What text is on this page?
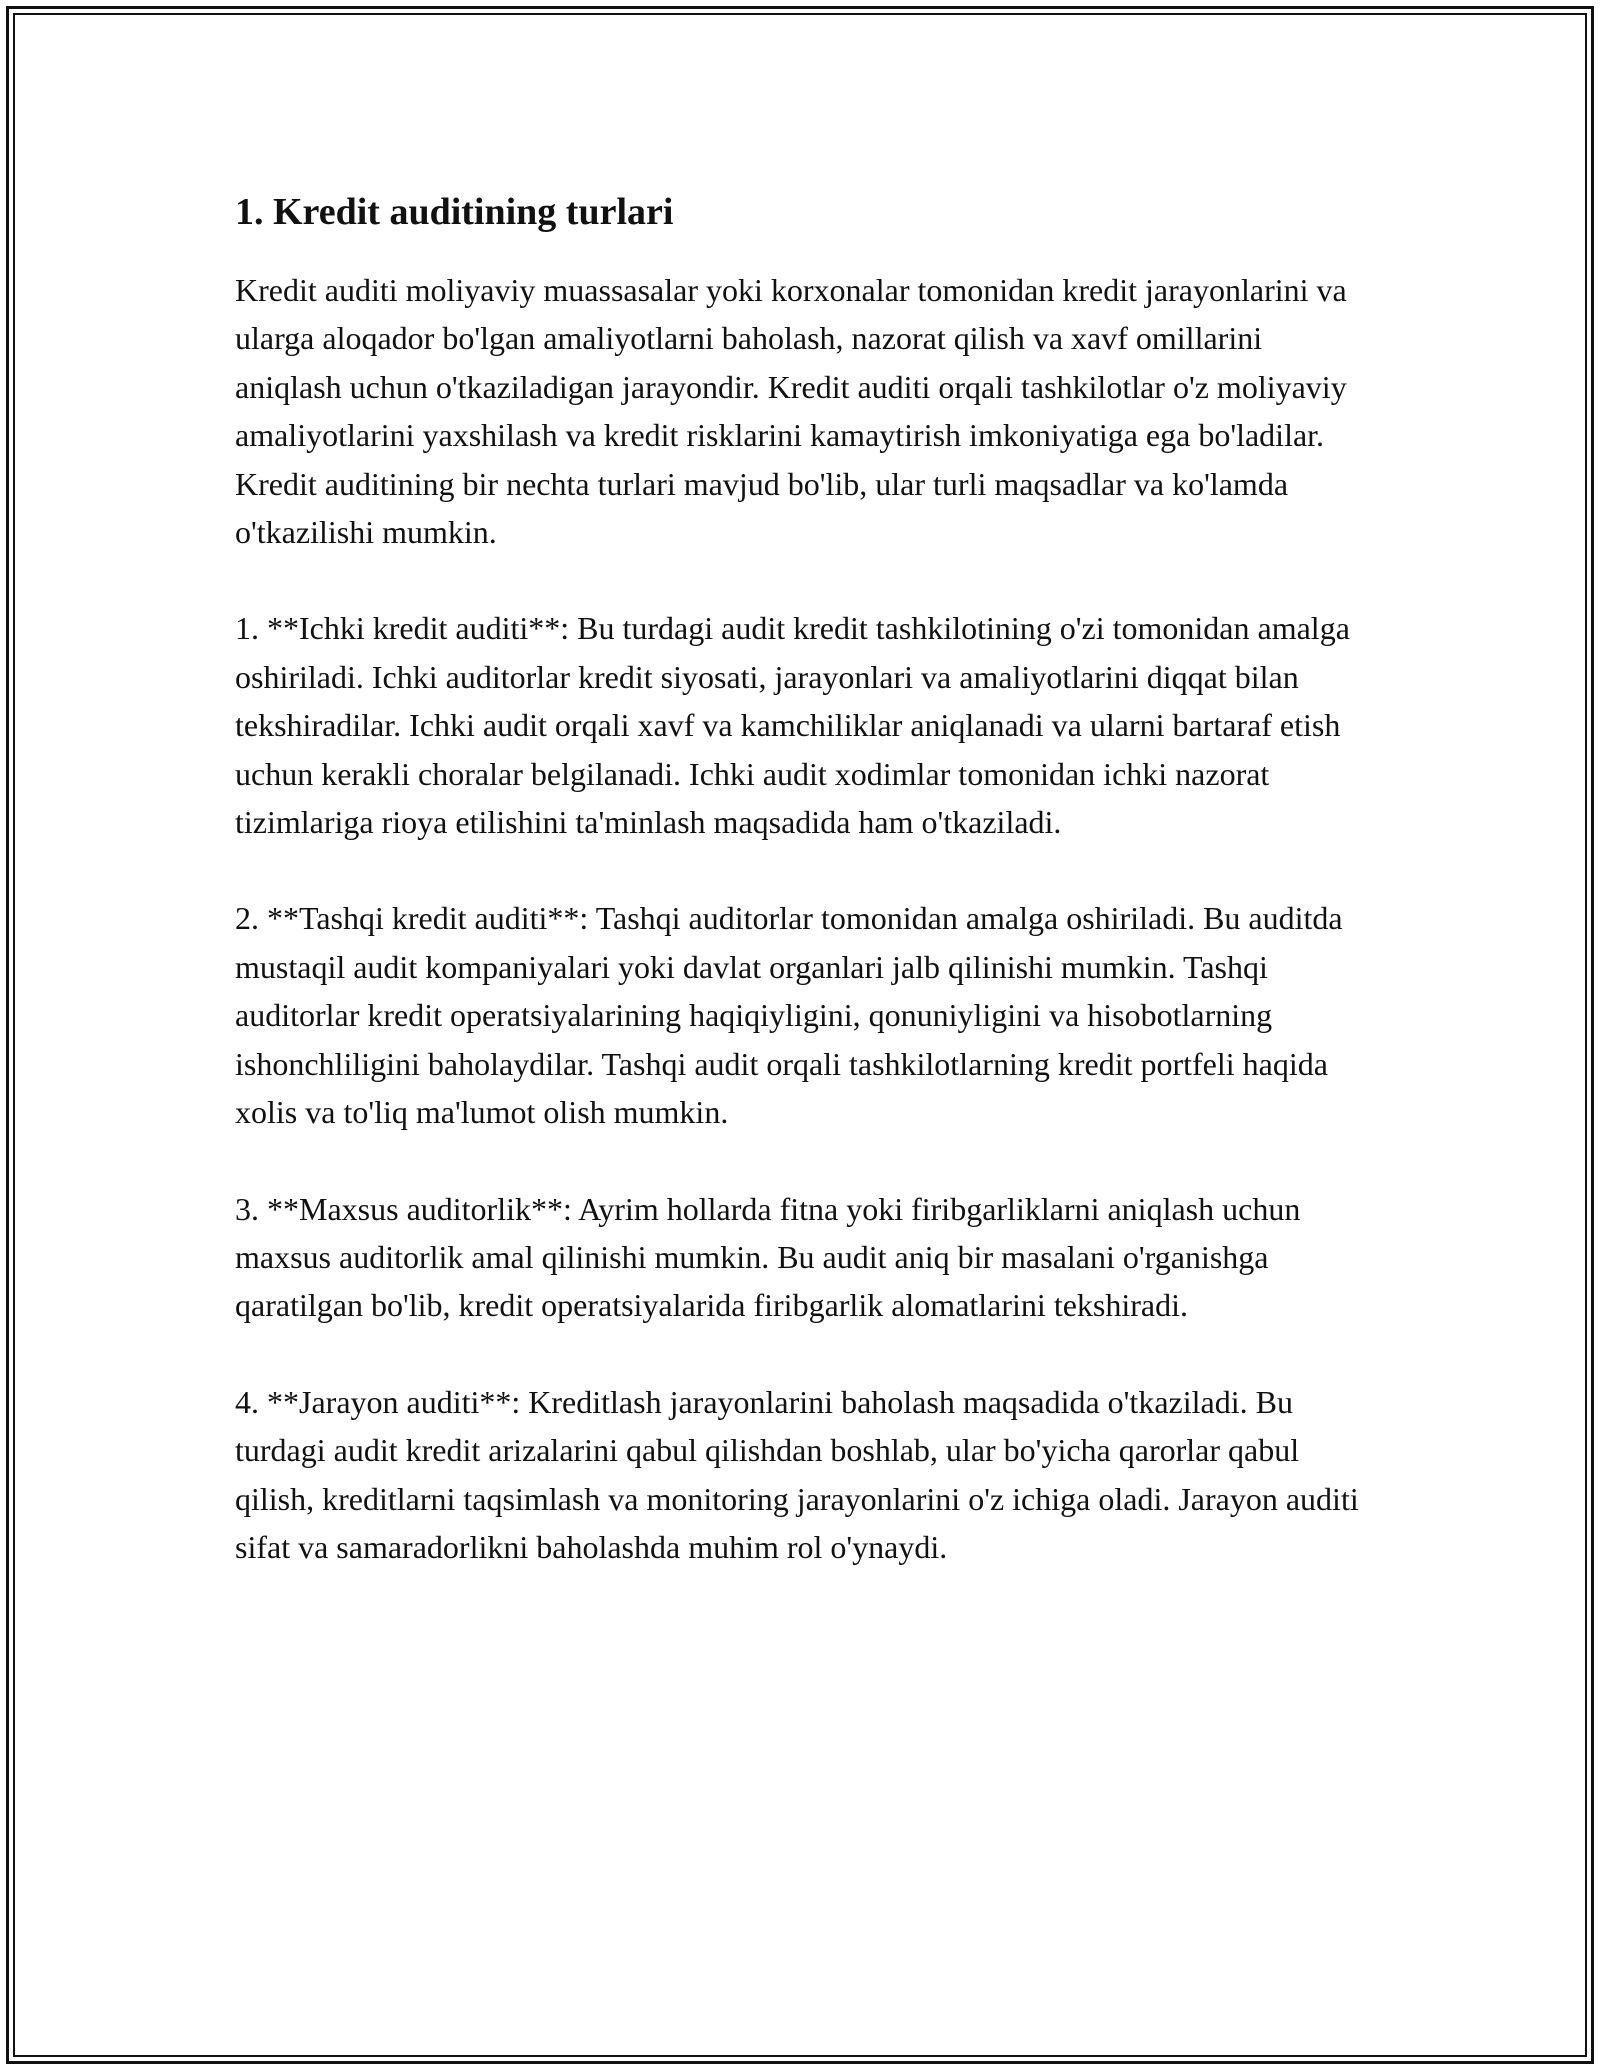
1. Kredit auditining turlari

Kredit auditi moliyaviy muassasalar yoki korxonalar tomonidan kredit jarayonlarini va ularga aloqador bo'lgan amaliyotlarni baholash, nazorat qilish va xavf omillarini aniqlash uchun o'tkaziladigan jarayondir. Kredit auditi orqali tashkilotlar o'z moliyaviy amaliyotlarini yaxshilash va kredit risklarini kamaytirish imkoniyatiga ega bo'ladilar. Kredit auditining bir nechta turlari mavjud bo'lib, ular turli maqsadlar va ko'lamda o'tkazilishi mumkin.

1. **Ichki kredit auditi**: Bu turdagi audit kredit tashkilotining o'zi tomonidan amalga oshiriladi. Ichki auditorlar kredit siyosati, jarayonlari va amaliyotlarini diqqat bilan tekshiradilar. Ichki audit orqali xavf va kamchiliklar aniqlanadi va ularni bartaraf etish uchun kerakli choralar belgilanadi. Ichki audit xodimlar tomonidan ichki nazorat tizimlariga rioya etilishini ta'minlash maqsadida ham o'tkaziladi.

2. **Tashqi kredit auditi**: Tashqi auditorlar tomonidan amalga oshiriladi. Bu auditda mustaqil audit kompaniyalari yoki davlat organlari jalb qilinishi mumkin. Tashqi auditorlar kredit operatsiyalarining haqiqiyligini, qonuniyligini va hisobotlarning ishonchliligini baholaydilar. Tashqi audit orqali tashkilotlarning kredit portfeli haqida xolis va to'liq ma'lumot olish mumkin.

3. **Maxsus auditorlik**: Ayrim hollarda fitna yoki firibgarliklarni aniqlash uchun maxsus auditorlik amal qilinishi mumkin. Bu audit aniq bir masalani o'rganishga qaratilgan bo'lib, kredit operatsiyalarida firibgarlik alomatlarini tekshiradi.

4. **Jarayon auditi**: Kreditlash jarayonlarini baholash maqsadida o'tkaziladi. Bu turdagi audit kredit arizalarini qabul qilishdan boshlab, ular bo'yicha qarorlar qabul qilish, kreditlarni taqsimlash va monitoring jarayonlarini o'z ichiga oladi. Jarayon auditi sifat va samaradorlikni baholashda muhim rol o'ynaydi.
